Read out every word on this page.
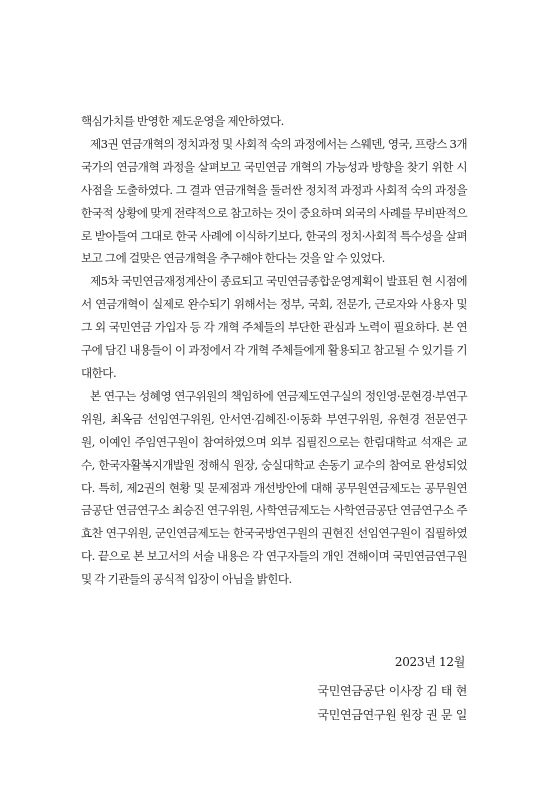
핵심가치를 반영한 제도운영을 제안하였다.

제3권 연금개혁의 정치과정 및 사회적 숙의 과정에서는 스웨덴, 영국, 프랑스 3개 국가의 연금개혁 과정을 살펴보고 국민연금 개혁의 가능성과 방향을 찾기 위한 시사점을 도출하였다. 그 결과 연금개혁을 둘러싼 정치적 과정과 사회적 숙의 과정을 한국적 상황에 맞게 전략적으로 참고하는 것이 중요하며 외국의 사례를 무비판적으로 받아들여 그대로 한국 사례에 이식하기보다, 한국의 정치·사회적 특수성을 살펴보고 그에 걸맞은 연금개혁을 추구해야 한다는 것을 알 수 있었다.

제5차 국민연금재정계산이 종료되고 국민연금종합운영계획이 발표된 현 시점에서 연금개혁이 실제로 완수되기 위해서는 정부, 국회, 전문가, 근로자와 사용자 및 그 외 국민연금 가입자 등 각 개혁 주체들의 부단한 관심과 노력이 필요하다. 본 연구에 담긴 내용들이 이 과정에서 각 개혁 주체들에게 활용되고 참고될 수 있기를 기대한다.

본 연구는 성혜영 연구위원의 책임하에 연금제도연구실의 정인영·문현경·부연구위원, 최옥금 선임연구위원, 안서연·김혜진·이동화 부연구위원, 유현경 전문연구원, 이예인 주임연구원이 참여하였으며 외부 집필진으로는 한림대학교 석재은 교수, 한국자활복지개발원 정해식 원장, 숭실대학교 손동기 교수의 참여로 완성되었다. 특히, 제2권의 현황 및 문제점과 개선방안에 대해 공무원연금제도는 공무원연금공단 연금연구소 최승진 연구위원, 사학연금제도는 사학연금공단 연금연구소 주효찬 연구위원, 군인연금제도는 한국국방연구원의 권현진 선임연구원이 집필하였다. 끝으로 본 보고서의 서술 내용은 각 연구자들의 개인 견해이며 국민연금연구원 및 각 기관들의 공식적 입장이 아님을 밝힌다.

2023년 12월
국민연금공단 이사장 김 태 현
국민연금연구원 원장 권 문 일
